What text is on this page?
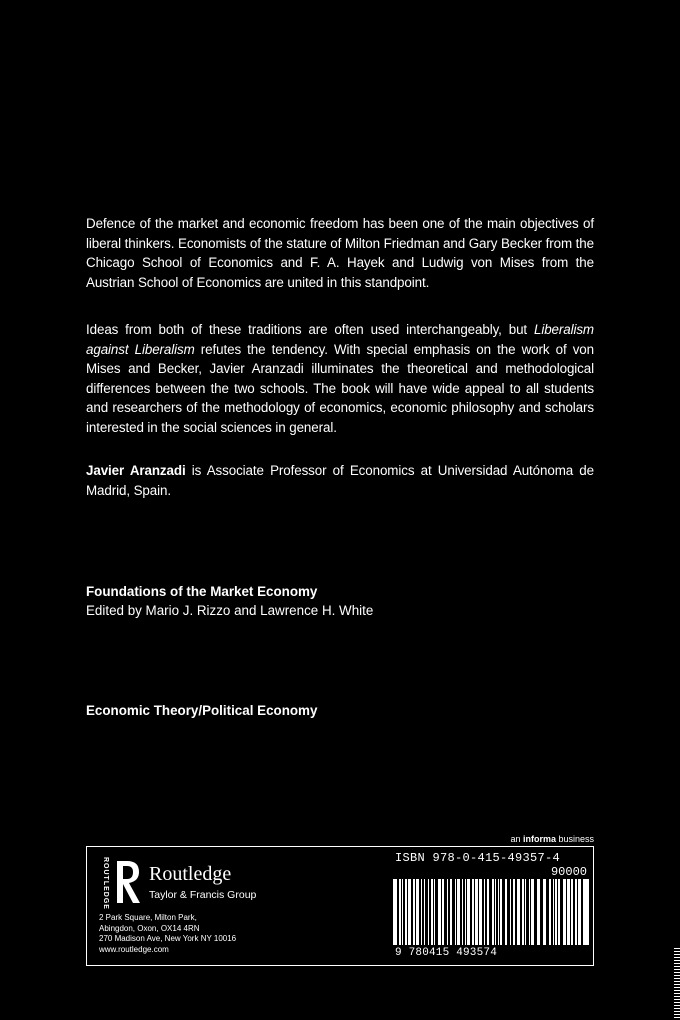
Defence of the market and economic freedom has been one of the main objectives of liberal thinkers. Economists of the stature of Milton Friedman and Gary Becker from the Chicago School of Economics and F. A. Hayek and Ludwig von Mises from the Austrian School of Economics are united in this standpoint.
Ideas from both of these traditions are often used interchangeably, but Liberalism against Liberalism refutes the tendency. With special emphasis on the work of von Mises and Becker, Javier Aranzadi illuminates the theoretical and methodological differences between the two schools. The book will have wide appeal to all students and researchers of the methodology of economics, economic philosophy and scholars interested in the social sciences in general.
Javier Aranzadi is Associate Professor of Economics at Universidad Autónoma de Madrid, Spain.
Foundations of the Market Economy
Edited by Mario J. Rizzo and Lawrence H. White
Economic Theory/Political Economy
an informa business
ROUTLEDGE Routledge
Taylor & Francis Group
2 Park Square, Milton Park,
Abingdon, Oxon, OX14 4RN
270 Madison Ave, New York NY 10016
www.routledge.com
ISBN 978-0-415-49357-4
90000
9 780415 493574
